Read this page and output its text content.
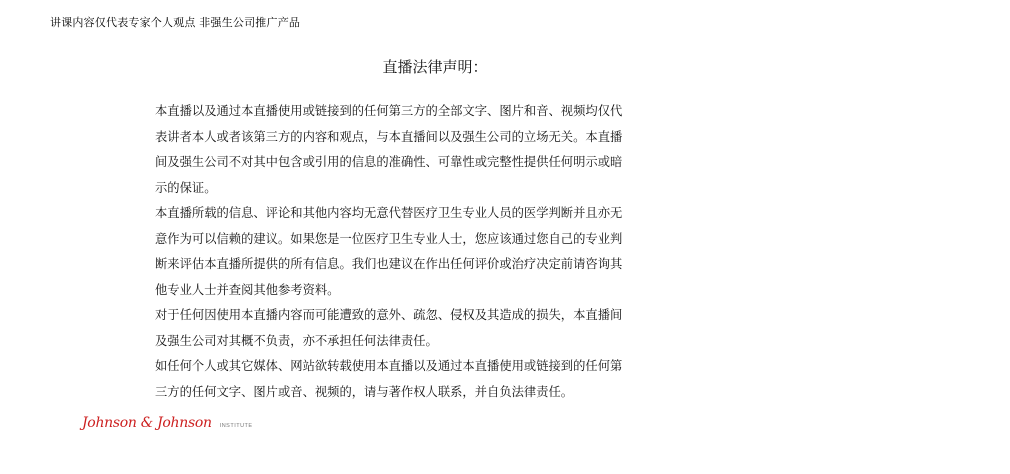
讲课内容仅代表专家个人观点 非强生公司推广产品
直播法律声明：
本直播以及通过本直播使用或链接到的任何第三方的全部文字、图片和音、视频均仅代
表讲者本人或者该第三方的内容和观点，与本直播间以及强生公司的立场无关。本直播
间及强生公司不对其中包含或引用的信息的准确性、可靠性或完整性提供任何明示或暗
示的保证。
本直播所载的信息、评论和其他内容均无意代替医疗卫生专业人员的医学判断并且亦无
意作为可以信赖的建议。如果您是一位医疗卫生专业人士，您应该通过您自己的专业判
断来评估本直播所提供的所有信息。我们也建议在作出任何评价或治疗决定前请咨询其
他专业人士并查阅其他参考资料。
对于任何因使用本直播内容而可能遭致的意外、疏忽、侵权及其造成的损失，本直播间
及强生公司对其概不负责，亦不承担任何法律责任。
如任何个人或其它媒体、网站欲转载使用本直播以及通过本直播使用或链接到的任何第
三方的任何文字、图片或音、视频的，请与著作权人联系，并自负法律责任。
Johnson & Johnson INSTITUTE
